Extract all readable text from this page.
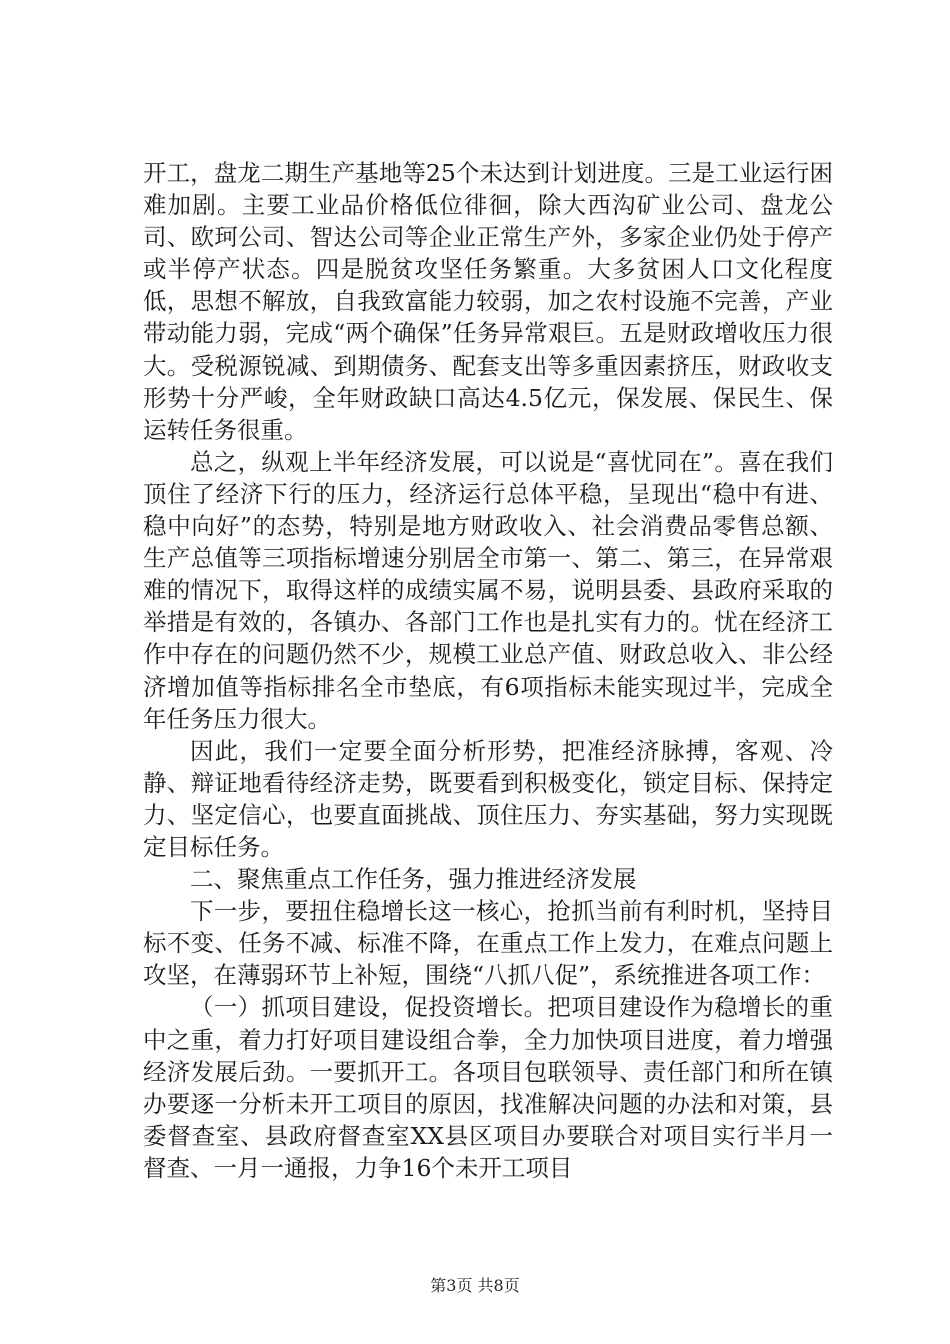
开工，盘龙二期生产基地等25个未达到计划进度。三是工业运行困难加剧。主要工业品价格低位徘徊，除大西沟矿业公司、盘龙公司、欧珂公司、智达公司等企业正常生产外，多家企业仍处于停产或半停产状态。四是脱贫攻坚任务繁重。大多贫困人口文化程度低，思想不解放，自我致富能力较弱，加之农村设施不完善，产业带动能力弱，完成“两个确保”任务异常艰巨。五是财政增收压力很大。受税源锐减、到期债务、配套支出等多重因素挤压，财政收支形势十分严峻，全年财政缺口高达4.5亿元，保发展、保民生、保运转任务很重。

总之，纵观上半年经济发展，可以说是“喜忧同在”。喜在我们顶住了经济下行的压力，经济运行总体平稳，呈现出“稳中有进、稳中向好”的态势，特别是地方财政收入、社会消费品零售总额、生产总值等三项指标增速分别居全市第一、第二、第三，在异常艰难的情况下，取得这样的成绩实属不易，说明县委、县政府采取的举措是有效的，各镇办、各部门工作也是扎实有力的。忧在经济工作中存在的问题仍然不少，规模工业总产值、财政总收入、非公经济增加值等指标排名全市垫底，有6项指标未能实现过半，完成全年任务压力很大。

因此，我们一定要全面分析形势，把准经济脉搏，客观、冷静、辩证地看待经济走势，既要看到积极变化，锁定目标、保持定力、坚定信心，也要直面挑战、顶住压力、夯实基础，努力实现既定目标任务。

二、聚焦重点工作任务，强力推进经济发展

下一步，要扭住稳增长这一核心，抢抓当前有利时机，坚持目标不变、任务不减、标准不降，在重点工作上发力，在难点问题上攻坚，在薄弱环节上补短，围绕“八抓八促”，系统推进各项工作：

（一）抓项目建设，促投资增长。把项目建设作为稳增长的重中之重，着力打好项目建设组合拳，全力加快项目进度，着力增强经济发展后劲。一要抓开工。各项目包联领导、责任部门和所在镇办要逐一分析未开工项目的原因，找准解决问题的办法和对策，县委督查室、县政府督查室XX县区项目办要联合对项目实行半月一督查、一月一通报，力争16个未开工项目

第3页 共8页
